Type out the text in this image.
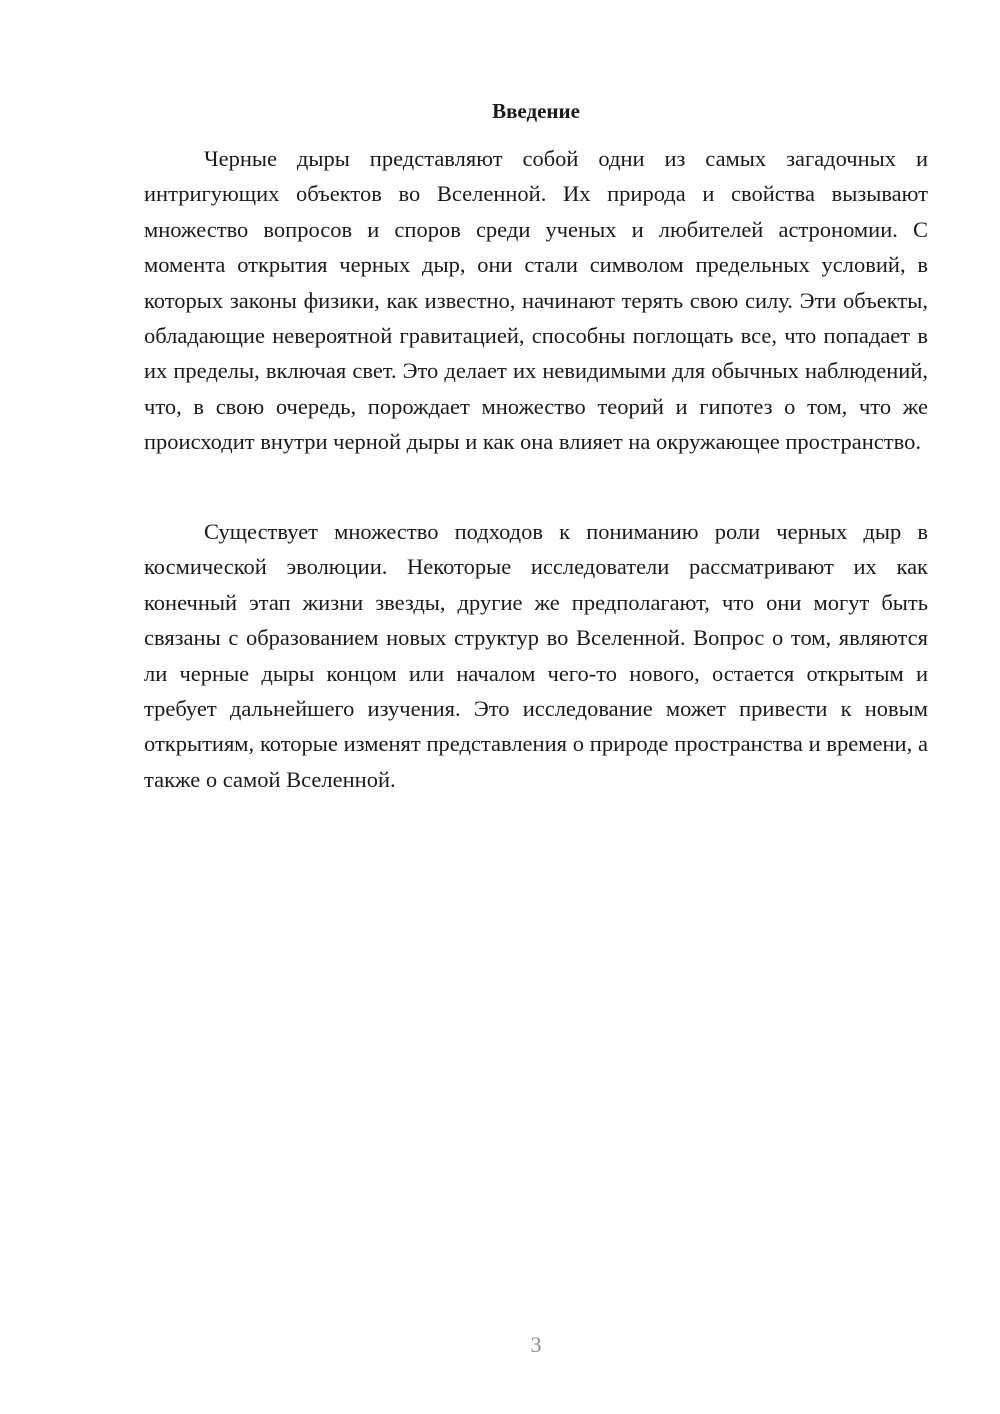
Введение

Черные дыры представляют собой одни из самых загадочных и интригующих объектов во Вселенной. Их природа и свойства вызывают множество вопросов и споров среди ученых и любителей астрономии. С момента открытия черных дыр, они стали символом предельных условий, в которых законы физики, как известно, начинают терять свою силу. Эти объекты, обладающие невероятной гравитацией, способны поглощать все, что попадает в их пределы, включая свет. Это делает их невидимыми для обычных наблюдений, что, в свою очередь, порождает множество теорий и гипотез о том, что же происходит внутри черной дыры и как она влияет на окружающее пространство.

Существует множество подходов к пониманию роли черных дыр в космической эволюции. Некоторые исследователи рассматривают их как конечный этап жизни звезды, другие же предполагают, что они могут быть связаны с образованием новых структур во Вселенной. Вопрос о том, являются ли черные дыры концом или началом чего-то нового, остается открытым и требует дальнейшего изучения. Это исследование может привести к новым открытиям, которые изменят представления о природе пространства и времени, а также о самой Вселенной.

3
